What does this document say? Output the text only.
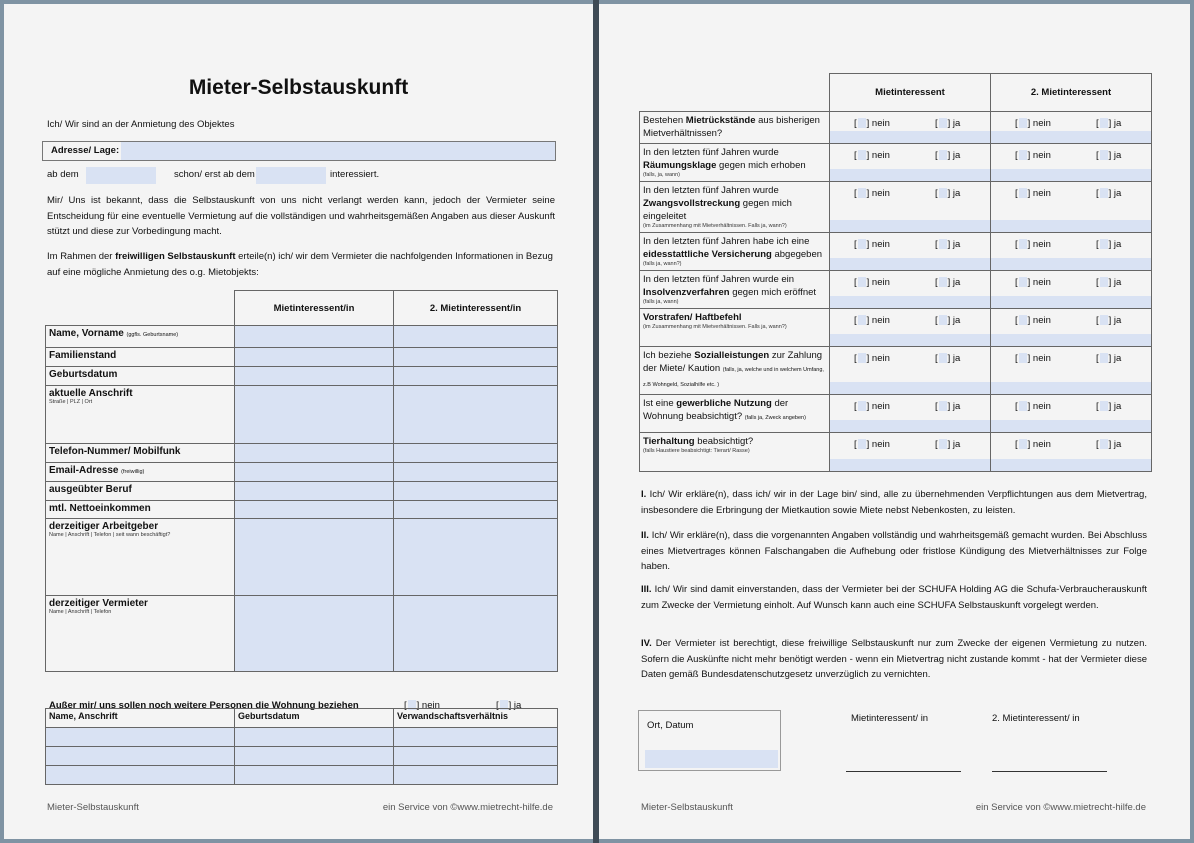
Mieter-Selbstauskunft
Ich/ Wir sind an der Anmietung des Objektes
Adresse/ Lage:
ab dem	schon/ erst ab dem	interessiert.
Mir/ Uns ist bekannt, dass die Selbstauskunft von uns nicht verlangt werden kann, jedoch der Vermieter seine Entscheidung für eine eventuelle Vermietung auf die vollständigen und wahrheitsgemäßen Angaben aus dieser Auskunft stützt und diese zur Vorbedingung macht.
Im Rahmen der freiwilligen Selbstauskunft erteile(n) ich/ wir dem Vermieter die nachfolgenden Informationen in Bezug auf eine mögliche Anmietung des o.g. Mietobjekts:
	Mietinteressent/in	2. Mietinteressent/in
Name, Vorname (ggfls. Geburtsname)		
Familienstand		
Geburtsdatum		
aktuelle Anschrift
Straße | PLZ | Ort		

Telefon-Nummer/ Mobilfunk		
Email-Adresse (freiwillig)		
ausgeübter Beruf		
mtl. Nettoeinkommen		
derzeitiger Arbeitgeber
Name | Anschrift | Telefon | seit wann beschäftigt?		

derzeitiger Vermieter
Name | Anschrift | Telefon		

Außer mir/ uns sollen noch weitere Personen die Wohnung beziehen	[ ] nein	[ ] ja
Name, Anschrift	Geburtsdatum	Verwandschaftsverhältnis

Mieter-Selbstauskunft	ein Service von ©www.mietrecht-hilfe.de
	Mietinteressent	2. Mietinteressent
Bestehen Mietrückstände aus bisherigen Mietverhältnissen?	[ ] nein [ ] ja	[ ] nein [ ] ja

In den letzten fünf Jahren wurde Räumungsklage gegen mich erhoben
(falls, ja, wann)	[ ] nein [ ] ja	[ ] nein [ ] ja

In den letzten fünf Jahren wurde Zwangsvollstreckung gegen mich eingeleitet
(im Zusammenhang mit Mietverhältnissen. Falls ja, wann?)	[ ] nein [ ] ja	[ ] nein [ ] ja

In den letzten fünf Jahren habe ich eine eidesstattliche Versicherung abgegeben
(falls ja, wann?)	[ ] nein [ ] ja	[ ] nein [ ] ja

In den letzten fünf Jahren wurde ein Insolvenzverfahren gegen mich eröffnet
(falls ja, wann)	[ ] nein [ ] ja	[ ] nein [ ] ja

Vorstrafen/ Haftbefehl
(im Zusammenhang mit Mietverhältnissen. Falls ja, wann?)	[ ] nein [ ] ja	[ ] nein [ ] ja

Ich beziehe Sozialleistungen zur Zahlung der Miete/ Kaution (falls, ja, welche und in welchem Umfang, z.B Wohngeld, Sozialhilfe etc. )	[ ] nein [ ] ja	[ ] nein [ ] ja

Ist eine gewerbliche Nutzung der Wohnung beabsichtigt? (falls ja, Zweck angeben)	[ ] nein [ ] ja	[ ] nein [ ] ja

Tierhaltung beabsichtigt?
(falls Haustiere beabsichtigt: Tierart/ Rasse)	[ ] nein [ ] ja	[ ] nein [ ] ja
I. Ich/ Wir erkläre(n), dass ich/ wir in der Lage bin/ sind, alle zu übernehmenden Verpflichtungen aus dem Mietvertrag, insbesondere die Erbringung der Mietkaution sowie Miete nebst Nebenkosten, zu leisten.
II. Ich/ Wir erkläre(n), dass die vorgenannten Angaben vollständig und wahrheitsgemäß gemacht wurden. Bei Abschluss eines Mietvertrages können Falschangaben die Aufhebung oder fristlose Kündigung des Mietverhältnisses zur Folge haben.
III. Ich/ Wir sind damit einverstanden, dass der Vermieter bei der SCHUFA Holding AG die Schufa-Verbraucherauskunft zum Zwecke der Vermietung einholt. Auf Wunsch kann auch eine SCHUFA Selbstauskunft vorgelegt werden.
IV. Der Vermieter ist berechtigt, diese freiwillige Selbstauskunft nur zum Zwecke der eigenen Vermietung zu nutzen. Sofern die Auskünfte nicht mehr benötigt werden - wenn ein Mietvertrag nicht zustande kommt - hat der Vermieter diese Daten gemäß Bundesdatenschutzgesetz unverzüglich zu vernichten.
Ort, Datum
Mietinteressent/ in	2. Mietinteressent/ in
Mieter-Selbstauskunft	ein Service von ©www.mietrecht-hilfe.de
